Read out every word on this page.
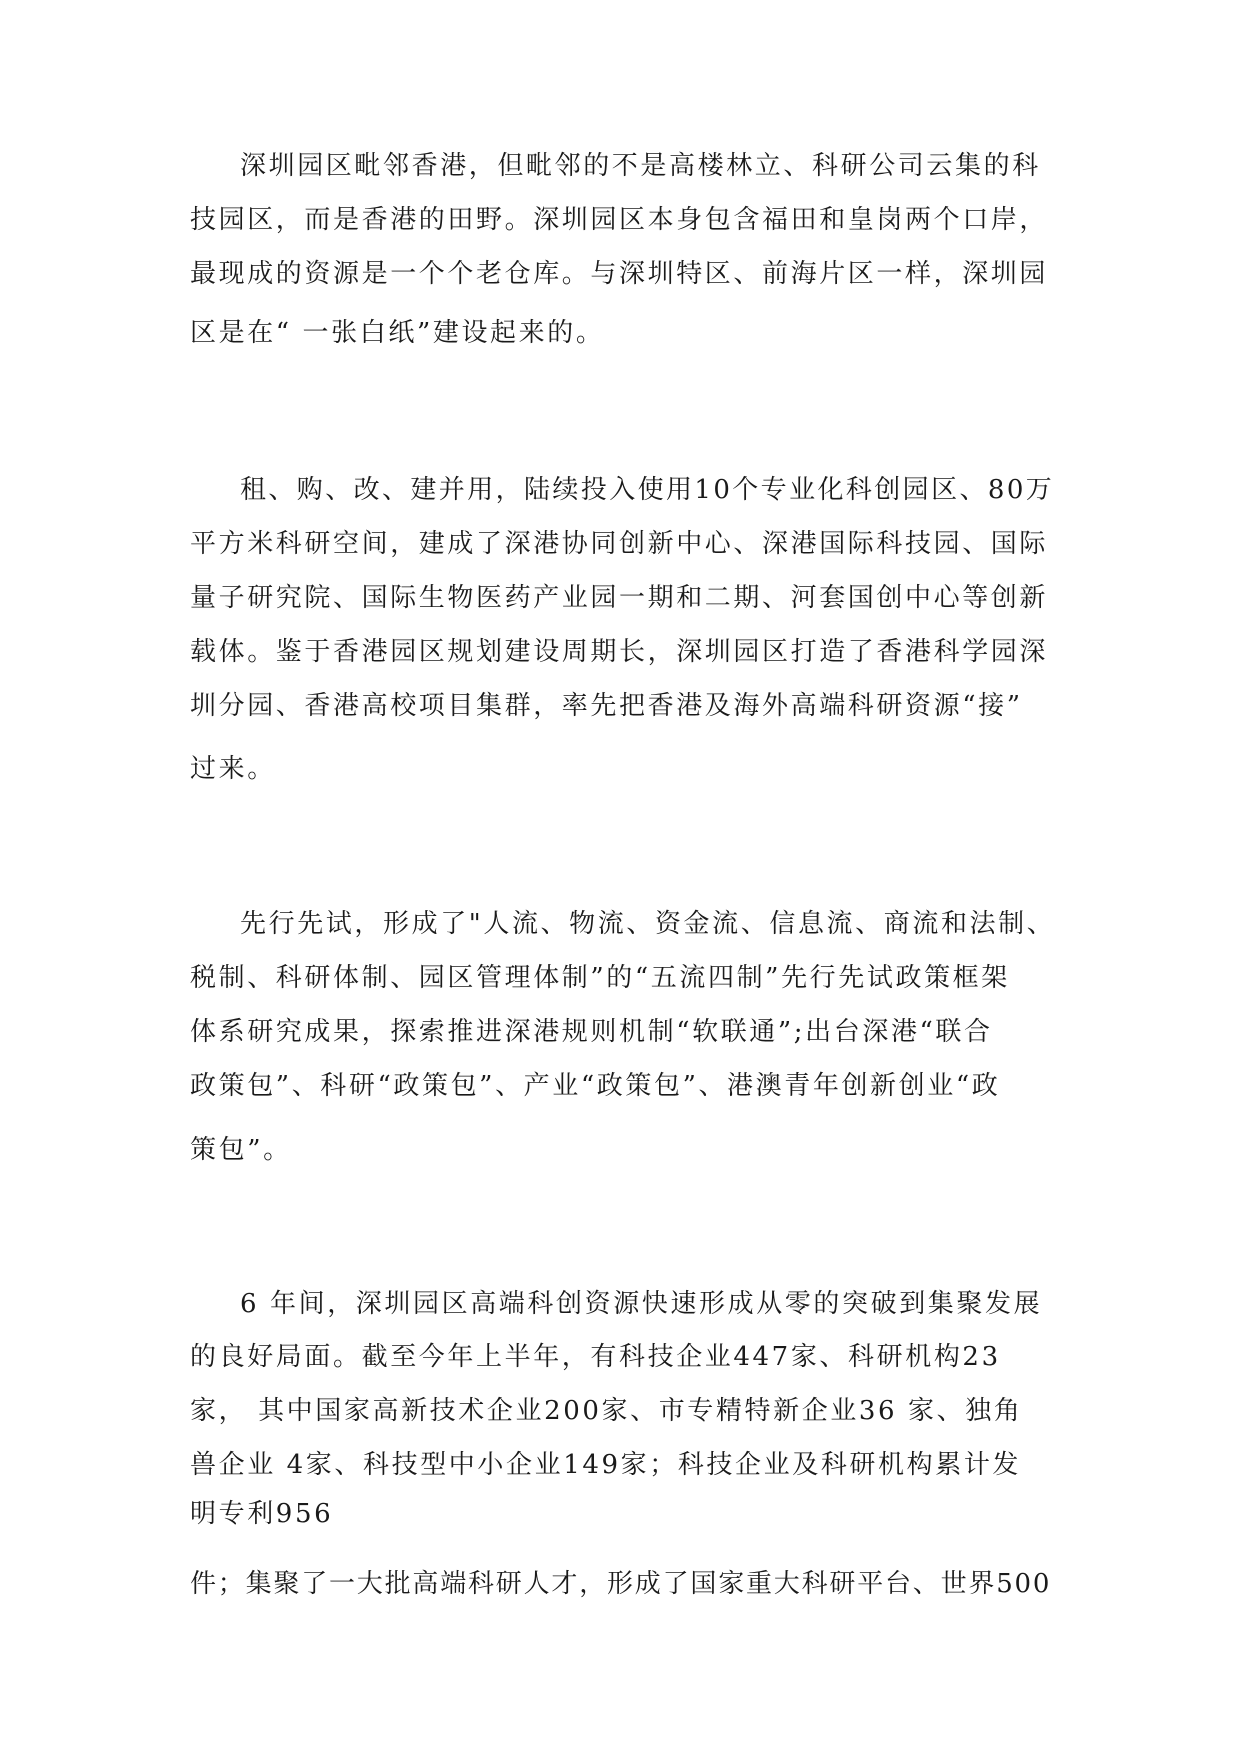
深圳园区毗邻香港，但毗邻的不是高楼林立、科研公司云集的科

技园区，而是香港的田野。深圳园区本身包含福田和皇岗两个口岸，

最现成的资源是一个个老仓库。与深圳特区、前海片区一样，深圳园

区是在“ 一张白纸”建设起来的。

租、购、改、建并用，陆续投入使用10个专业化科创园区、80万

平方米科研空间，建成了深港协同创新中心、深港国际科技园、国际

量子研究院、国际生物医药产业园一期和二期、河套国创中心等创新

载体。鉴于香港园区规划建设周期长，深圳园区打造了香港科学园深

圳分园、香港高校项目集群，率先把香港及海外高端科研资源“接”

过来。

先行先试，形成了"人流、物流、资金流、信息流、商流和法制、

税制、科研体制、园区管理体制”的“五流四制”先行先试政策框架

体系研究成果，探索推进深港规则机制“软联通”;出台深港“联合

政策包”、科研“政策包”、产业“政策包”、港澳青年创新创业“政

策包”。

6 年间，深圳园区高端科创资源快速形成从零的突破到集聚发展

的良好局面。截至今年上半年，有科技企业447家、科研机构23

家， 其中国家高新技术企业200家、市专精特新企业36 家、独角

兽企业 4家、科技型中小企业149家；科技企业及科研机构累计发

明专利956

件；集聚了一大批高端科研人才，形成了国家重大科研平台、世界500
